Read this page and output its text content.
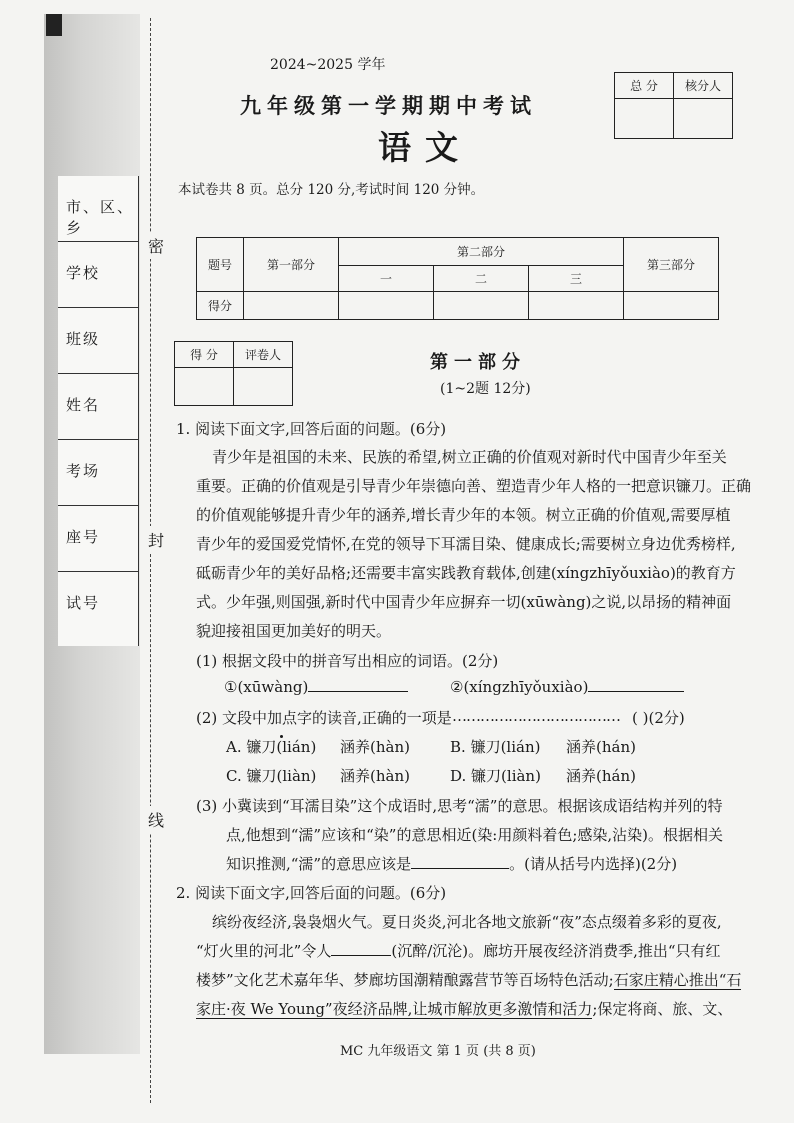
市、区、乡
学校
班级
姓名
考场
座号
试号
密
封
线
2024~2025 学年
九年级第一学期期中考试
语文
总 分	核分人

本试卷共 8 页。总分 120 分,考试时间 120 分钟。
题号	第一部分	第二部分			第三部分
		一	二	三	
得分					
得 分	评卷人
		第一部分
(1~2题 12分)
1. 阅读下面文字,回答后面的问题。(6分)
青少年是祖国的未来、民族的希望,树立正确的价值观对新时代中国青少年至关
重要。正确的价值观是引导青少年崇德向善、塑造青少年人格的一把意识镰刀。正确
的价值观能够提升青少年的涵养,增长青少年的本领。树立正确的价值观,需要厚植
青少年的爱国爱党情怀,在党的领导下耳濡目染、健康成长;需要树立身边优秀榜样,
砥砺青少年的美好品格;还需要丰富实践教育载体,创建(xíngzhīyǒuxiào)的教育方
式。少年强,则国强,新时代中国青少年应摒弃一切(xūwàng)之说,以昂扬的精神面
貌迎接祖国更加美好的明天。
(1) 根据文段中的拼音写出相应的词语。(2分)
①(xūwàng)	②(xíngzhīyǒuxiào)
(2) 文段中加点字的读音,正确的一项是 ……………………………… ( )(2分)
A. 镰刀(lián) 涵养(hàn)	B. 镰刀(lián) 涵养(hán)
C. 镰刀(liàn) 涵养(hàn)	D. 镰刀(liàn) 涵养(hán)
(3) 小冀读到“耳濡目染”这个成语时,思考“濡”的意思。根据该成语结构并列的特
点,他想到“濡”应该和“染”的意思相近(染:用颜料着色;感染,沾染)。根据相关
知识推测,“濡”的意思应该是	。(请从括号内选择)(2分)
2. 阅读下面文字,回答后面的问题。(6分)
缤纷夜经济,袅袅烟火气。夏日炎炎,河北各地文旅新“夜”态点缀着多彩的夏夜,
“灯火里的河北”令人	(沉醉/沉沦)。廊坊开展夜经济消费季,推出“只有红
楼梦”文化艺术嘉年华、梦廊坊国潮精酿露营节等百场特色活动;石家庄精心推出“石
家庄·夜 We Young”夜经济品牌,让城市解放更多激情和活力;保定将商、旅、文、
MC 九年级语文 第 1 页 (共 8 页)
